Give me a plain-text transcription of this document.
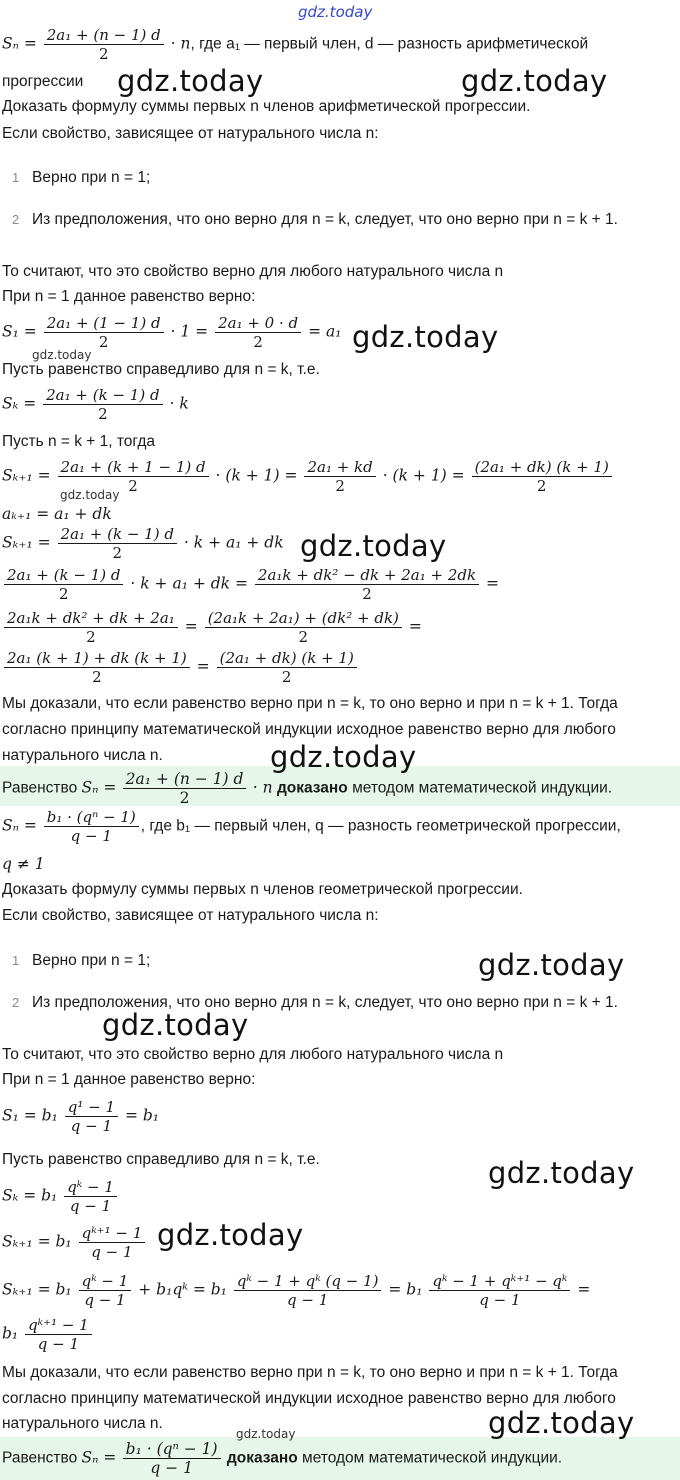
gdz.today
$S_n = \frac{\text{2a₁ + (n − 1) d}}{2} \cdot n$, где a₁ — первый член, d — разность арифметической
прогрессии
Доказать формулу суммы первых n членов арифметической прогрессии.
Если свойство, зависящее от натурального числа n:
1 Верно при n = 1;
2 Из предположения, что оно верно для n = k, следует, что оно верно при n = k + 1.
То считают, что это свойство верно для любого натурального числа n
При n = 1 данное равенство верно:
$S_1 = \frac{\text{2a₁ + (1 − 1) d}}{2} \cdot 1 = \frac{\text{2a₁ + 0 · d}}{2} = a_1$
Пусть равенство справедливо для n = k, т.е.
$S_k = \frac{\text{2a₁ + (k − 1) d}}{2} \cdot k$
Пусть n = k + 1, тогда
$S_{k+1} = \frac{\text{2a₁ + (k + 1 − 1) d}}{2} \cdot (k + 1) = \frac{\text{2a₁ + kd}}{2} \cdot (k + 1) = \frac{\text{(2a₁ + dk) (k + 1)}}{2}$
aₖ₊₁ = a₁ + dk
$S_{k+1} = \frac{\text{2a₁ + (k − 1) d}}{2} \cdot k + a_1$ + dk
$\frac{\text{2a₁ + (k − 1) d}}{2} \cdot k + a_1$ + dk = $\frac{\text{2a₁k + dk² − dk + 2a₁ + 2dk}}{2}$ =
$\frac{\text{2a₁k + dk² + dk + 2a₁}}{2} = \frac{\text{(2a₁k + 2a₁) + (dk² + dk)}}{2}$ =
$\frac{\text{2a₁ (k + 1) + dk (k + 1)}}{2} = \frac{\text{(2a₁ + dk) (k + 1)}}{2}$
Мы доказали, что если равенство верно при n = k, то оно верно и при n = k + 1. Тогда
согласно принципу математической индукции исходное равенство верно для любого
натурального числа n.
Равенство $S_n = \frac{\text{2a₁ + (n − 1) d}}{2} \cdot n$ доказано методом математической индукции.
$S_n = \frac{\text{b₁ · (qⁿ − 1)}}{q - 1}$ , где b₁ — первый член, q — разность геометрической прогрессии,
q ≠ 1
Доказать формулу суммы первых n членов геометрической прогрессии.
Если свойство, зависящее от натурального числа n:
1 Верно при n = 1;
2 Из предположения, что оно верно для n = k, следует, что оно верно при n = k + 1.
То считают, что это свойство верно для любого натурального числа n
При n = 1 данное равенство верно:
$S_1 = b_1 \frac{\text{q¹ − 1}}{q - 1} = b_1$
Пусть равенство справедливо для n = k, т.е.
$S_k = b_1 \frac{\text{qᵏ − 1}}{q - 1}$
$S_{k+1} = b_1 \frac{\text{qᵏ⁺¹ − 1}}{q - 1}$
$S_{k+1} = b_1 \frac{\text{qᵏ − 1}}{q - 1}$ + b₁qᵏ = $b_1 \frac{\text{qᵏ − 1 + qᵏ (q − 1)}}{q - 1} = b_1 \frac{\text{qᵏ − 1 + qᵏ⁺¹ − qᵏ}}{q - 1}$ =
$b_1 \frac{\text{qᵏ⁺¹ − 1}}{q - 1}$
Мы доказали, что если равенство верно при n = k, то оно верно и при n = k + 1. Тогда
согласно принципу математической индукции исходное равенство верно для любого
натурального числа n.
Равенство $S_n = \frac{\text{b₁ · (qⁿ − 1)}}{q - 1}$ доказано методом математической индукции.
gdz.today	gdz.today
gdz.today
gdz.today
gdz.today
gdz.today
gdz.today
gdz.today
gdz.today
gdz.today
gdz.today
gdz.today
gdz.today
